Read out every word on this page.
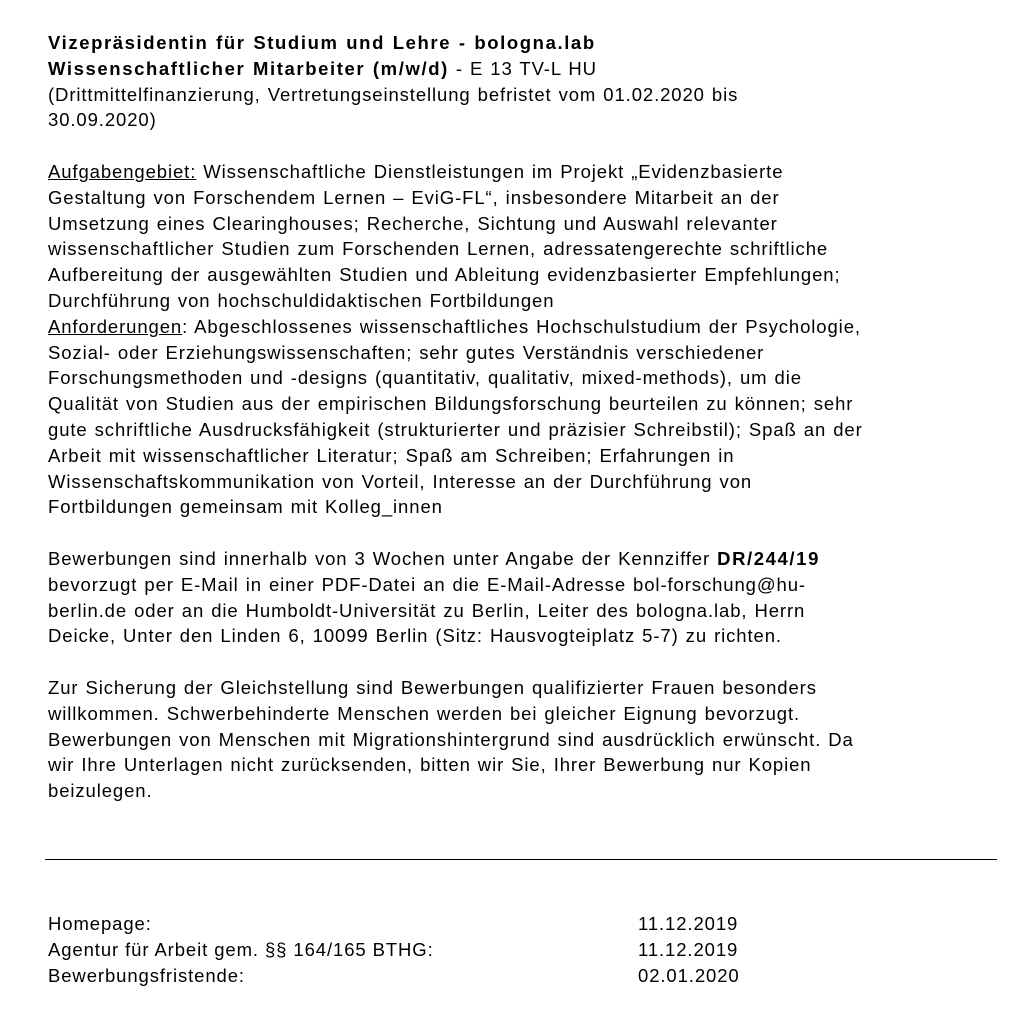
Vizepräsidentin für Studium und Lehre - bologna.lab
Wissenschaftlicher Mitarbeiter (m/w/d) - E 13 TV-L HU
(Drittmittelfinanzierung, Vertretungseinstellung befristet vom 01.02.2020 bis
30.09.2020)
Aufgabengebiet: Wissenschaftliche Dienstleistungen im Projekt „Evidenzbasierte
Gestaltung von Forschendem Lernen – EviG-FL“, insbesondere Mitarbeit an der
Umsetzung eines Clearinghouses; Recherche, Sichtung und Auswahl relevanter
wissenschaftlicher Studien zum Forschenden Lernen, adressatengerechte schriftliche
Aufbereitung der ausgewählten Studien und Ableitung evidenzbasierter Empfehlungen;
Durchführung von hochschuldidaktischen Fortbildungen
Anforderungen: Abgeschlossenes wissenschaftliches Hochschulstudium der Psychologie,
Sozial- oder Erziehungswissenschaften; sehr gutes Verständnis verschiedener
Forschungsmethoden und -designs (quantitativ, qualitativ, mixed-methods), um die
Qualität von Studien aus der empirischen Bildungsforschung beurteilen zu können; sehr
gute schriftliche Ausdrucksfähigkeit (strukturierter und präzisier Schreibstil); Spaß an der
Arbeit mit wissenschaftlicher Literatur; Spaß am Schreiben; Erfahrungen in
Wissenschaftskommunikation von Vorteil, Interesse an der Durchführung von
Fortbildungen gemeinsam mit Kolleg_innen
Bewerbungen sind innerhalb von 3 Wochen unter Angabe der Kennziffer DR/244/19
bevorzugt per E-Mail in einer PDF-Datei an die E-Mail-Adresse bol-forschung@hu-
berlin.de oder an die Humboldt-Universität zu Berlin, Leiter des bologna.lab, Herrn
Deicke, Unter den Linden 6, 10099 Berlin (Sitz: Hausvogteiplatz 5-7) zu richten.
Zur Sicherung der Gleichstellung sind Bewerbungen qualifizierter Frauen besonders
willkommen. Schwerbehinderte Menschen werden bei gleicher Eignung bevorzugt.
Bewerbungen von Menschen mit Migrationshintergrund sind ausdrücklich erwünscht. Da
wir Ihre Unterlagen nicht zurücksenden, bitten wir Sie, Ihrer Bewerbung nur Kopien
beizulegen.
Homepage:	11.12.2019
Agentur für Arbeit gem. §§ 164/165 BTHG:	11.12.2019
Bewerbungsfristende:	02.01.2020
